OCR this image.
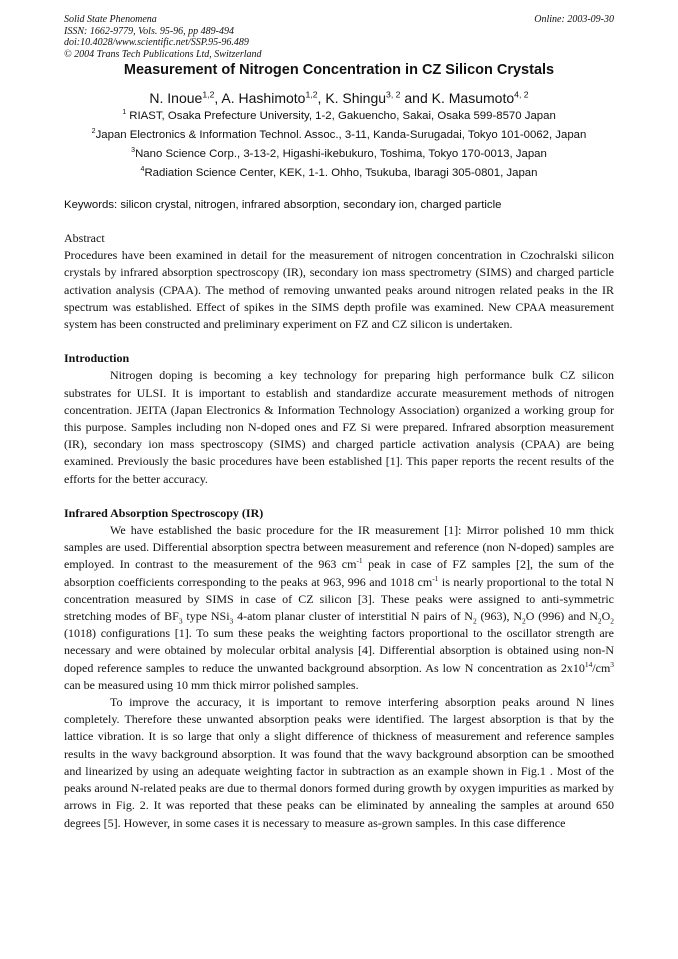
Solid State Phenomena	Online: 2003-09-30
ISSN: 1662-9779, Vols. 95-96, pp 489-494
doi:10.4028/www.scientific.net/SSP.95-96.489
© 2004 Trans Tech Publications Ltd, Switzerland
Measurement of Nitrogen Concentration in CZ Silicon Crystals
N. Inoue$^{1,2}$, A. Hashimoto$^{1,2}$, K. Shingu$^{3, 2}$ and K. Masumoto$^{4, 2}$
$^1$ RIAST, Osaka Prefecture University, 1-2, Gakuencho, Sakai, Osaka 599-8570 Japan
$^2$Japan Electronics & Information Technol. Assoc., 3-11, Kanda-Surugadai, Tokyo 101-0062, Japan
$^3$Nano Science Corp., 3-13-2, Higashi-ikebukuro, Toshima, Tokyo 170-0013, Japan
$^4$Radiation Science Center, KEK, 1-1. Ohho, Tsukuba, Ibaragi 305-0801, Japan
Keywords: silicon crystal, nitrogen, infrared absorption, secondary ion, charged particle
Abstract

Procedures have been examined in detail for the measurement of nitrogen concentration in Czochralski silicon crystals by infrared absorption spectroscopy (IR), secondary ion mass spectrometry (SIMS) and charged particle activation analysis (CPAA). The method of removing unwanted peaks around nitrogen related peaks in the IR spectrum was established. Effect of spikes in the SIMS depth profile was examined. New CPAA measurement system has been constructed and preliminary experiment on FZ and CZ silicon is undertaken.

Introduction

Nitrogen doping is becoming a key technology for preparing high performance bulk CZ silicon substrates for ULSI. It is important to establish and standardize accurate measurement methods of nitrogen concentration. JEITA (Japan Electronics & Information Technology Association) organized a working group for this purpose. Samples including non N-doped ones and FZ Si were prepared. Infrared absorption measurement (IR), secondary ion mass spectroscopy (SIMS) and charged particle activation analysis (CPAA) are being examined. Previously the basic procedures have been established [1]. This paper reports the recent results of the efforts for the better accuracy.

Infrared Absorption Spectroscopy (IR)

We have established the basic procedure for the IR measurement [1]: Mirror polished 10 mm thick samples are used. Differential absorption spectra between measurement and reference (non N-doped) samples are employed. In contrast to the measurement of the 963 $cm^{-1}$ peak in case of FZ samples [2], the sum of the absorption coefficients corresponding to the peaks at 963, 996 and 1018 $cm^{-1}$ is nearly proportional to the total N concentration measured by SIMS in case of CZ silicon [3]. These peaks were assigned to anti-symmetric stretching modes of $BF_3$ type NSi$_3$ 4-atom planar cluster of interstitial N pairs of $N_2$ (963), $N_2O$ (996) and $N_2O_2$ (1018) configurations [1]. To sum these peaks the weighting factors proportional to the oscillator strength are necessary and were obtained by molecular orbital analysis [4]. Differential absorption is obtained using non-N doped reference samples to reduce the unwanted background absorption. As low N concentration as $2x10^{14}/cm^3$ can be measured using 10 mm thick mirror polished samples.

To improve the accuracy, it is important to remove interfering absorption peaks around N lines completely. Therefore these unwanted absorption peaks were identified. The largest absorption is that by the lattice vibration. It is so large that only a slight difference of thickness of measurement and reference samples results in the wavy background absorption. It was found that the wavy background absorption can be smoothed and linearized by using an adequate weighting factor in subtraction as an example shown in Fig.1 . Most of the peaks around N-related peaks are due to thermal donors formed during growth by oxygen impurities as marked by arrows in Fig. 2. It was reported that these peaks can be eliminated by annealing the samples at around 650 degrees [5]. However, in some cases it is necessary to measure as-grown samples. In this case difference
